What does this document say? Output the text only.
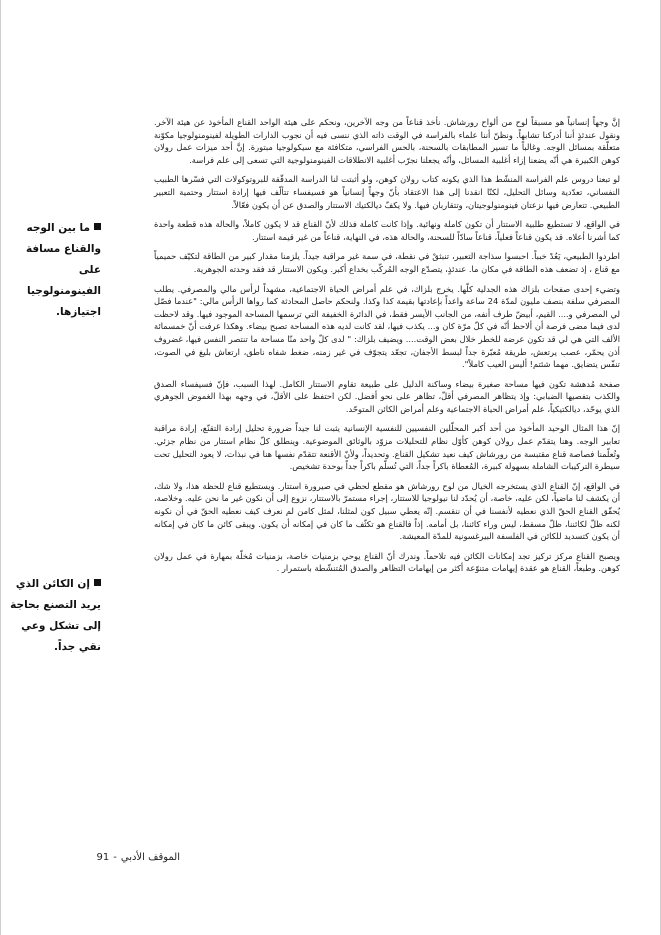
إنَّ وجهاً إنسانياً هو مسبقاً لوح من ألواح رورشاش. نأخذ قناعاً من وجه الآخرين، ونحكم على هيئة الواحد القناع المأخوذ عن هيئة الآخر. ونقول عندئذٍ أننا أدركنا تشابهاً. ونظنّ أننا علماء بالفراسة في الوقت ذاته الذي ننسى فيه أن نجوب الدارات الطويلة لفينومنولوجيا مكوّنة متعلّقة بمسائل الوجه. وغالباً ما تسير المطابقات بالسحنة، بالحس الفراسي، متكافئة مع سيكولوجيا مبتورة. إنَّ أحد ميزات عمل رولان كوهن الكبيرة هي أنّه يضعنا إزاء أغلبية المسائل، وأنّه يجعلنا نجرّب أغلبية الانطلاقات الفينومنولوجية التي تسعى إلى علم فراسة.

لو تبعنا دروس علم الفراسة المنشّط هذا الذي يكونه كتاب رولان كوهن، ولو أثبتت لنا الدراسة المدقّقة للبروتوكولات التي فسّرها الطبيب النفساني، تعدّدية وسائل التحليل، لكنّا انقدنا إلى هذا الاعتقاد بأنّ وجهاً إنسانياً هو فسيفساء تتألّف فيها إرادة استتار وحتمية التعبير الطبيعي. تتعارض فيها نزعتان فينومنولوجيتان، وتتقاربان فيها. ولا يكفّ ديالكتيك الاستتار والصدق عن أن يكون فعّالاً.

في الواقع، لا تستطيع طلبية الاستتار أن تكون كاملة ونهائية. وإذا كانت كاملة فذلك لأنّ القناع قد لا يكون كاملاً، والحالة هذه قطعة واحدة كما أشرنا أعلاه. قد يكون قناعاً فعلياً، قناعاً سادّاً للسحنة، والحالة هذه، في النهاية، قناعاً من غير قيمة استتار.

اطردوا الطبيعي، يَعُدْ خبباً. احبسوا سذاجة التعبير، تنبثقْ في نقطة، في سمة غير مراقبة جيداً. يلزمنا مقدار كبير من الطاقة لتكيّف حميمياً مع قناع ، إذ تضعف هذه الطاقة في مكان ما. عندئذٍ، يتصدّع الوجه المُركّب بخداع أكبر. ويكون الاستتار قد فقد وحدته الجوهرية.

وتضيء إحدى صفحات بلزاك هذه الجدلية كلّها. يخرج بلزاك، في علم أمراض الحياة الاجتماعية، مشهداً لرأس مالي والمصرفي. يطلب المصرفي سلفة بنصف مليون لمدّة 24 ساعة واعداً بإعادتها بقيمة كذا وكذا. ولنحكم حاصل المحادثة كما رواها الرأس مالي: "عندما فصّل لي المصرفي و.... القيم، أبيضّ طرف أنفه، من الجانب الأيسر فقط، في الدائرة الخفيفة التي ترسمها المساحة الموجود فيها. وقد لاحظت لدى فيما مضى فرصة أن ألاحظ أنّه في كلّ مرّة كان و... يكذب فيها، لقد كانت لديه هذه المساحة تصبح بيضاء. وهكذا عرفت أنّ خمسمائة الألف التي هي لي قد تكون عرضة للخطر خلال بعض الوقت.... ويضيف بلزاك: " لدى كلّ واحد منّا مساحة ما تنتصر النفس فيها، غضروف أذن يحمّر، عصب يرتعش، طريقة مُعبّرة جداً لبسط الأجفان، تجعّد يتجوّف في غير زمنه، ضغط شفاه ناطق، ارتعاش بليغ في الصوت، تنفّس يتضايق. مهما شئتم! أليس العيب كاملاً".

صفحة مُدهشة تكون فيها مساحة صغيرة بيضاء وساكنة الدليل على طبيعة تقاوم الاستتار الكامل. لهذا السبب، فإنّ فسيفساء الصدق والكذب بتفصيها الضبابي: وإذ يتظاهر المصرفي أقلّ، تظاهر على نحو أفضل. لكن احتفظ على الأقلّ، في وجهه بهذا الغموض الجوهري الذي يوحّد، ديالكتيكياً، علم أمراض الحياة الاجتماعية وعلم أمراض الكائن المتوحّد.

إنّ هذا المثال الوحيد المأخوذ من أحد أكبر المحلّلين النفسيين للنفسية الإنسانية يثبت لنا جيداً ضرورة تحليل إرادة التقنّع، إرادة مراقبة تعابير الوجه. وهنا يتقدّم عمل رولان كوهن كأوّل نظام للتحليلات مزوّد بالوثائق الموضوعية. وينطلق كلّ نظام استتار من نظام جزئي. وتُعلّمنا فصاصة قناع مقتبسة من رورشاش كيف نعيد تشكيل القناع. وتحديداً، ولأنّ الأقنعة تتقدّم نفسها هنا في نبذات، لا يعود التحليل تحت سيطرة التركيبات الشاملة بسهولة كبيرة، المُعطاة باكراً جداً، التي تُسلّم باكراً جداً بوحدة تشخيص.

في الواقع، إنّ القناع الذي يستخرجه الخيال من لوح رورشاش هو مقطع لحظي في صيرورة استتار. ويستطيع قناع للحظة هذا، ولا شك، أن يكشف لنا ماضياً، لكن عليه، خاصة، أن يُحدّد لنا نيولوجيا للاستتار، إجراء مستمرّ بالاستتار، نزوع إلى أن نكون غير ما نحن عليه. وخلاصة، يُحقّق القناع الحقّ الذي نعطيه لأنفسنا في أن ننقسم. إنّه يعطي سبيل كون لمثلنا، لمثل كامن لم نعرف كيف نعطيه الحقّ في أن نكونه لكنه ظلّ لكائننا، ظلّ مسقط، ليس وراء كائننا، بل أمامه. إذاً فالقناع هو تكثّف ما كان في إمكانه أن يكون. ويبقى كائن ما كان في إمكانه أن يكون كتسديد للكائن في الفلسفة البيرغسونية للمدّة المعيشة.

ويصبح القناع مركز تركيز تجد إمكانات الكائن فيه تلاحماً. وندرك أنّ القناع يوحي بزمنيات خاصة، بزمنيات مُخلّة بمهارة في عمل رولان كوهن. وطبعاً، القناع هو عقدة إيهامات متنوّعة أكثر من إيهامات التظاهر والصدق المُتنشّطة باستمرار .

ما بين الوجه والقناع مسافة على الفينومنولوجيا اجتيازها.
إن الكائن الذي يريد التصنع بحاجة إلى تشكل وعي نقي جداً.
الموقف الأدبي-91
